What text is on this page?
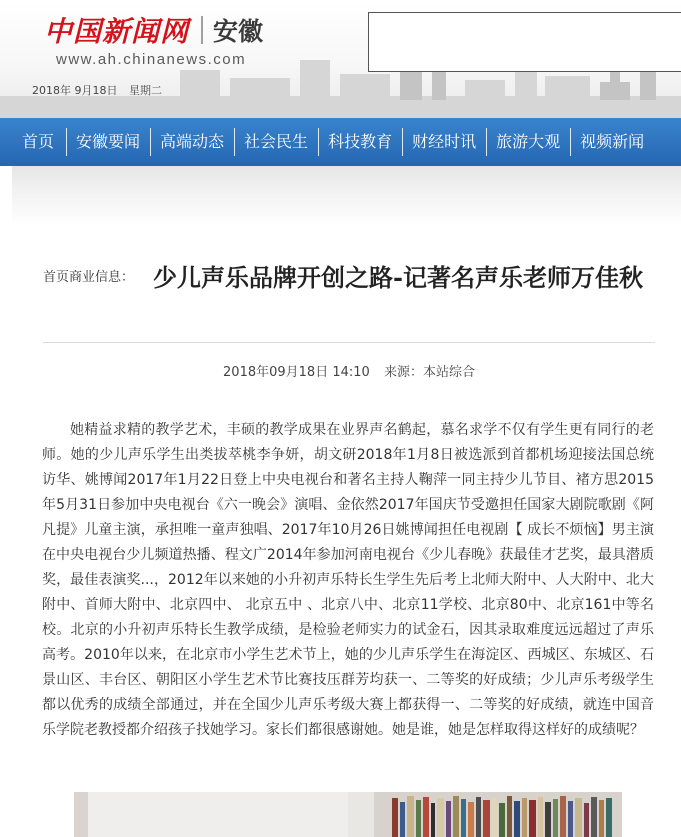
中国新闻网 安徽
www.ah.chinanews.com
2018年 9月18日 星期二
首页	安徽要闻	高端动态	社会民生	科技教育	财经时讯	旅游大观	视频新闻
首页商业信息： 少儿声乐品牌开创之路-记著名声乐老师万佳秋
2018年09月18日 14:10 来源：本站综合

她精益求精的教学艺术，丰硕的教学成果在业界声名鹤起，慕名求学不仅有学生更有同行的老师。她的少儿声乐学生出类拔萃桃李争妍，胡文研2018年1月8日被选派到首都机场迎接法国总统访华、姚博闻2017年1月22日登上中央电视台和著名主持人鞠萍一同主持少儿节目、褚方思2015年5月31日参加中央电视台《六一晚会》演唱、金依然2017年国庆节受邀担任国家大剧院歌剧《阿凡提》儿童主演，承担唯一童声独唱、2017年10月26日姚博闻担任电视剧【 成长不烦恼】男主演在中央电视台少儿频道热播、程文广2014年参加河南电视台《少儿春晚》获最佳才艺奖，最具潜质奖，最佳表演奖...，2012年以来她的小升初声乐特长生学生先后考上北师大附中、人大附中、北大附中、首师大附中、北京四中、 北京五中 、北京八中、北京11学校、北京80中、北京161中等名校。北京的小升初声乐特长生教学成绩，是检验老师实力的试金石，因其录取难度远远超过了声乐高考。2010年以来，在北京市小学生艺术节上，她的少儿声乐学生在海淀区、西城区、东城区、石景山区、丰台区、朝阳区小学生艺术节比赛技压群芳均获一、二等奖的好成绩；少儿声乐考级学生都以优秀的成绩全部通过，并在全国少儿声乐考级大赛上都获得一、二等奖的好成绩，就连中国音乐学院老教授都介绍孩子找她学习。家长们都很感谢她。她是谁，她是怎样取得这样好的成绩呢？
